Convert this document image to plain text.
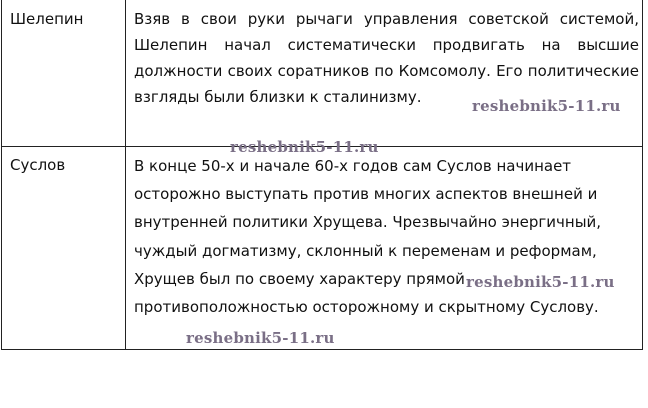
Шелепин	Взяв в свои руки рычаги управления советской системой,
Шелепин начал систематически продвигать на высшие
должности своих соратников по Комсомолу. Его политические
взгляды были близки к сталинизму.
Суслов	В конце 50-х и начале 60-х годов сам Суслов начинает
осторожно выступать против многих аспектов внешней и
внутренней политики Хрущева. Чрезвычайно энергичный,
чуждый догматизму, склонный к переменам и реформам,
Хрущев был по своему характеру прямой
противоположностью осторожному и скрытному Суслову.
reshebnik5-11.ru
reshebnik5-11.ru
reshebnik5-11.ru
reshebnik5-11.ru
